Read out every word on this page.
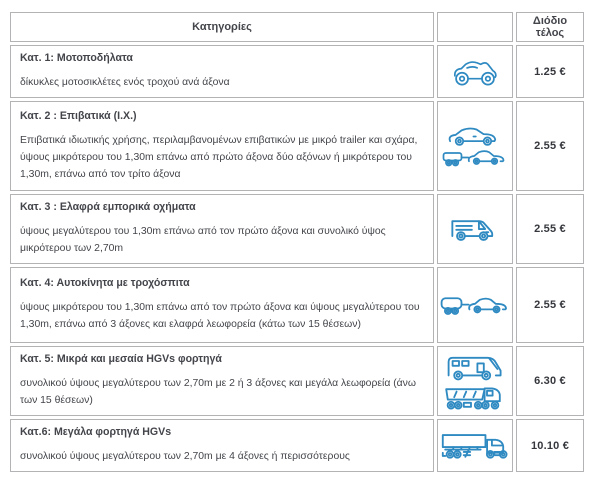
Κατηγορίες		Διόδιο τέλος

Κατ. 1: Μοτοποδήλατα
δίκυκλες μοτοσικλέτες ενός τροχού ανά άξονα		1.25 €

Κατ. 2 : Επιβατικά (Ι.Χ.)
Επιβατικά ιδιωτικής χρήσης, περιλαμβανομένων επιβατικών με μικρό trailer και σχάρα, ύψους μικρότερου του 1,30m επάνω από πρώτο άξονα δύο αξόνων ή μικρότερου του 1,30m, επάνω από τον τρίτο άξονα		2.55 €

Κατ. 3 : Ελαφρά εμπορικά οχήματα
ύψους μεγαλύτερου του 1,30m επάνω από τον πρώτο άξονα και συνολικό ύψος μικρότερου των 2,70m		2.55 €

Κατ. 4: Αυτοκίνητα με τροχόσπιτα
ύψους μικρότερου του 1,30m επάνω από τον πρώτο άξονα και ύψους μεγαλύτερου του 1,30m, επάνω από 3 άξονες και ελαφρά λεωφορεία (κάτω των 15 θέσεων)		2.55 €

Κατ. 5: Μικρά και μεσαία HGVs φορτηγά
συνολικού ύψους μεγαλύτερου των 2,70m με 2 ή 3 άξονες και μεγάλα λεωφορεία (άνω των 15 θέσεων)		6.30 €

Κατ.6: Μεγάλα φορτηγά HGVs
συνολικού ύψους μεγαλύτερου των 2,70m με 4 άξονες ή περισσότερους		10.10 €
